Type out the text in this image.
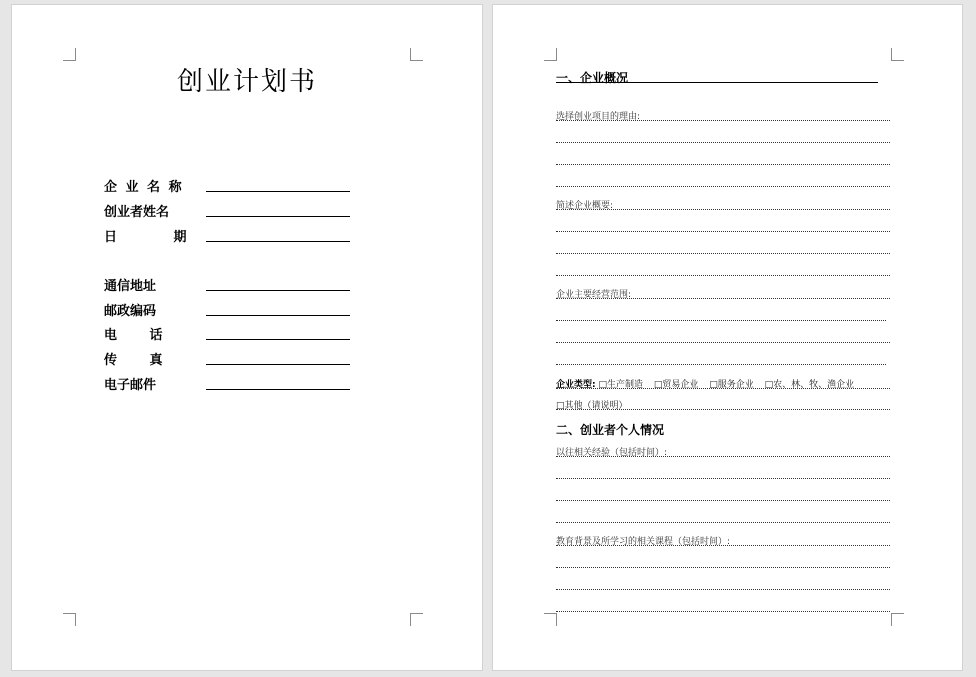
创业计划书
企 业 名 称
创业者姓名
日 期
通信地址
邮政编码
电 话
传 真
电子邮件
一、企业概况
选择创业项目的理由:
简述企业概要:
企业主要经营范围:
企业类型: □生产制造 □贸易企业 □服务企业 □农、林、牧、渔企业
□其他（请说明）
二、创业者个人情况
以往相关经验（包括时间）:
教育背景及所学习的相关课程（包括时间）:
